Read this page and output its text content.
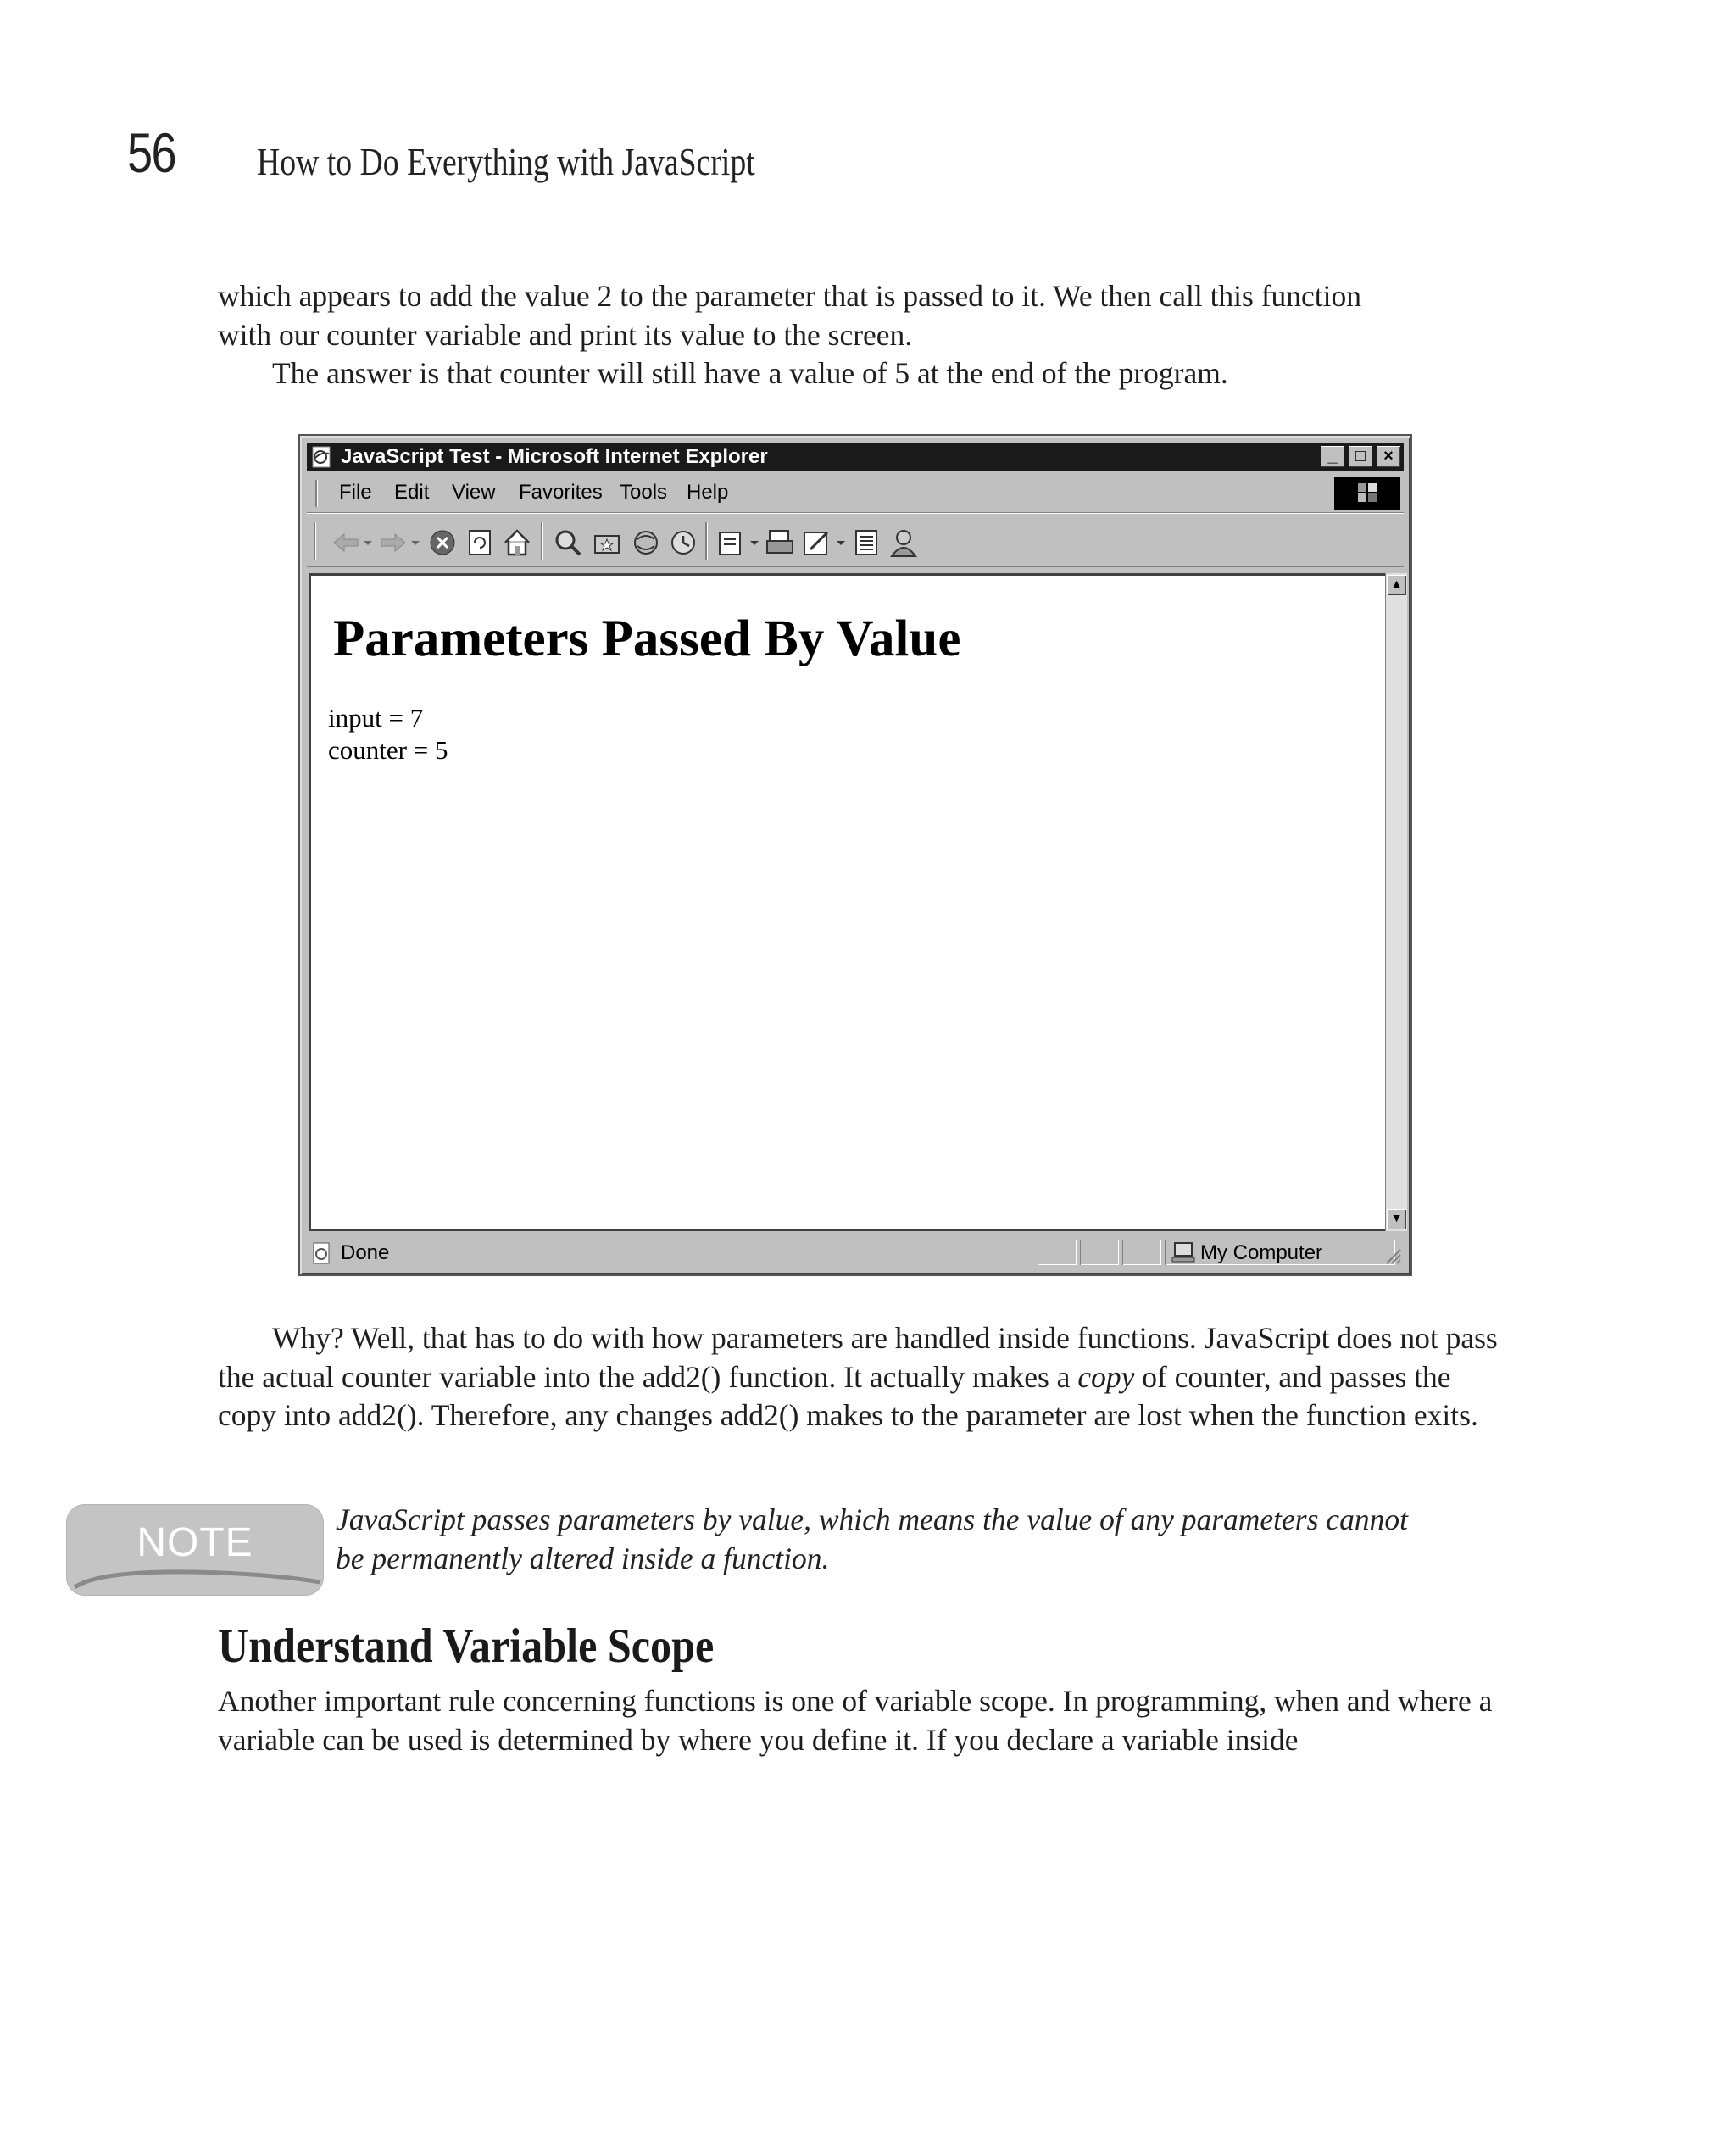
56 How to Do Everything with JavaScript

which appears to add the value 2 to the parameter that is passed to it. We then call this function

with our counter variable and print its value to the screen.

The answer is that counter will still have a value of 5 at the end of the program.

JavaScript Test - Microsoft Internet Explorer	_	□	×
File Edit View Favorites Tools Help
Parameters Passed By Value
input = 7
counter = 5
▲
▼
Done	My Computer

Why? Well, that has to do with how parameters are handled inside functions. JavaScript does not pass the actual counter variable into the add2() function. It actually makes a copy of counter, and passes the copy into add2(). Therefore, any changes add2() makes to the parameter are lost when the function exits.

NOTE
JavaScript passes parameters by value, which means the value of any parameters cannot be permanently altered inside a function.
Understand Variable Scope
Another important rule concerning functions is one of variable scope. In programming, when and where a variable can be used is determined by where you define it. If you declare a variable inside
